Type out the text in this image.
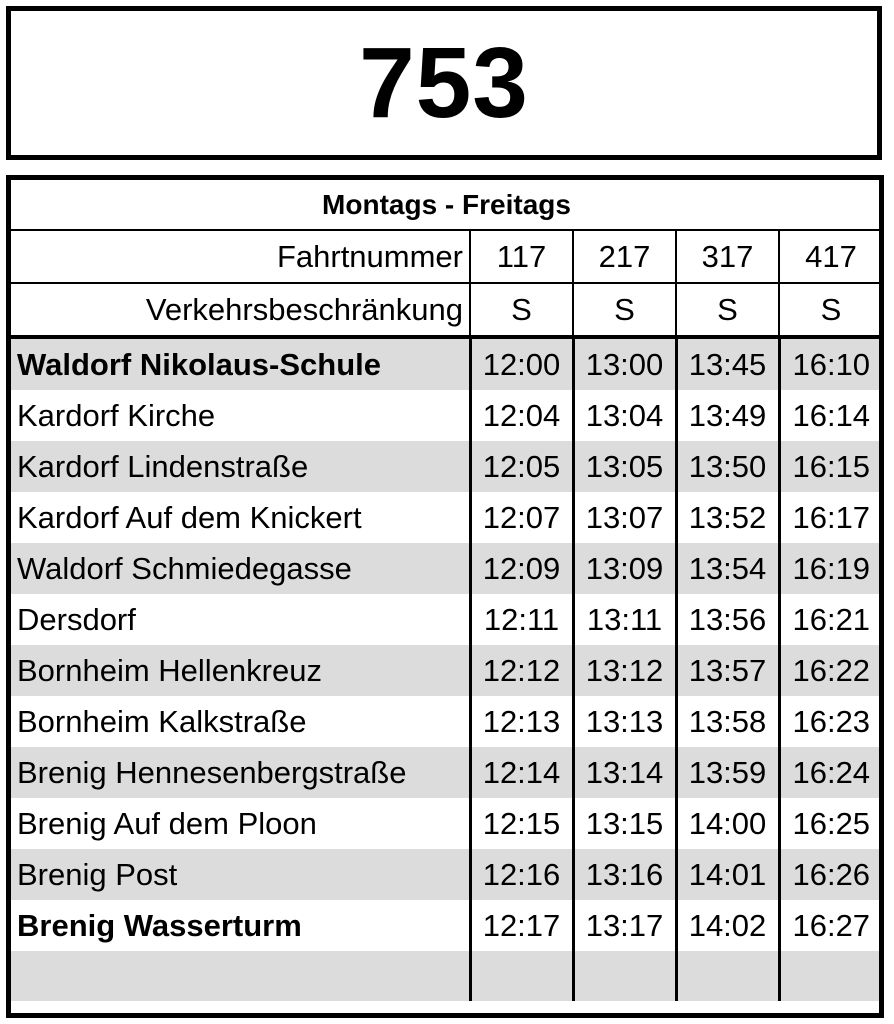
753
Montags - Freitags				
Fahrtnummer	117	217	317	417
Verkehrsbeschränkung	S	S	S	S
Waldorf Nikolaus-Schule	12:00	13:00	13:45	16:10
Kardorf Kirche	12:04	13:04	13:49	16:14
Kardorf Lindenstraße	12:05	13:05	13:50	16:15
Kardorf Auf dem Knickert	12:07	13:07	13:52	16:17
Waldorf Schmiedegasse	12:09	13:09	13:54	16:19
Dersdorf	12:11	13:11	13:56	16:21
Bornheim Hellenkreuz	12:12	13:12	13:57	16:22
Bornheim Kalkstraße	12:13	13:13	13:58	16:23
Brenig Hennesenbergstraße	12:14	13:14	13:59	16:24
Brenig Auf dem Ploon	12:15	13:15	14:00	16:25
Brenig Post	12:16	13:16	14:01	16:26
Brenig Wasserturm	12:17	13:17	14:02	16:27
